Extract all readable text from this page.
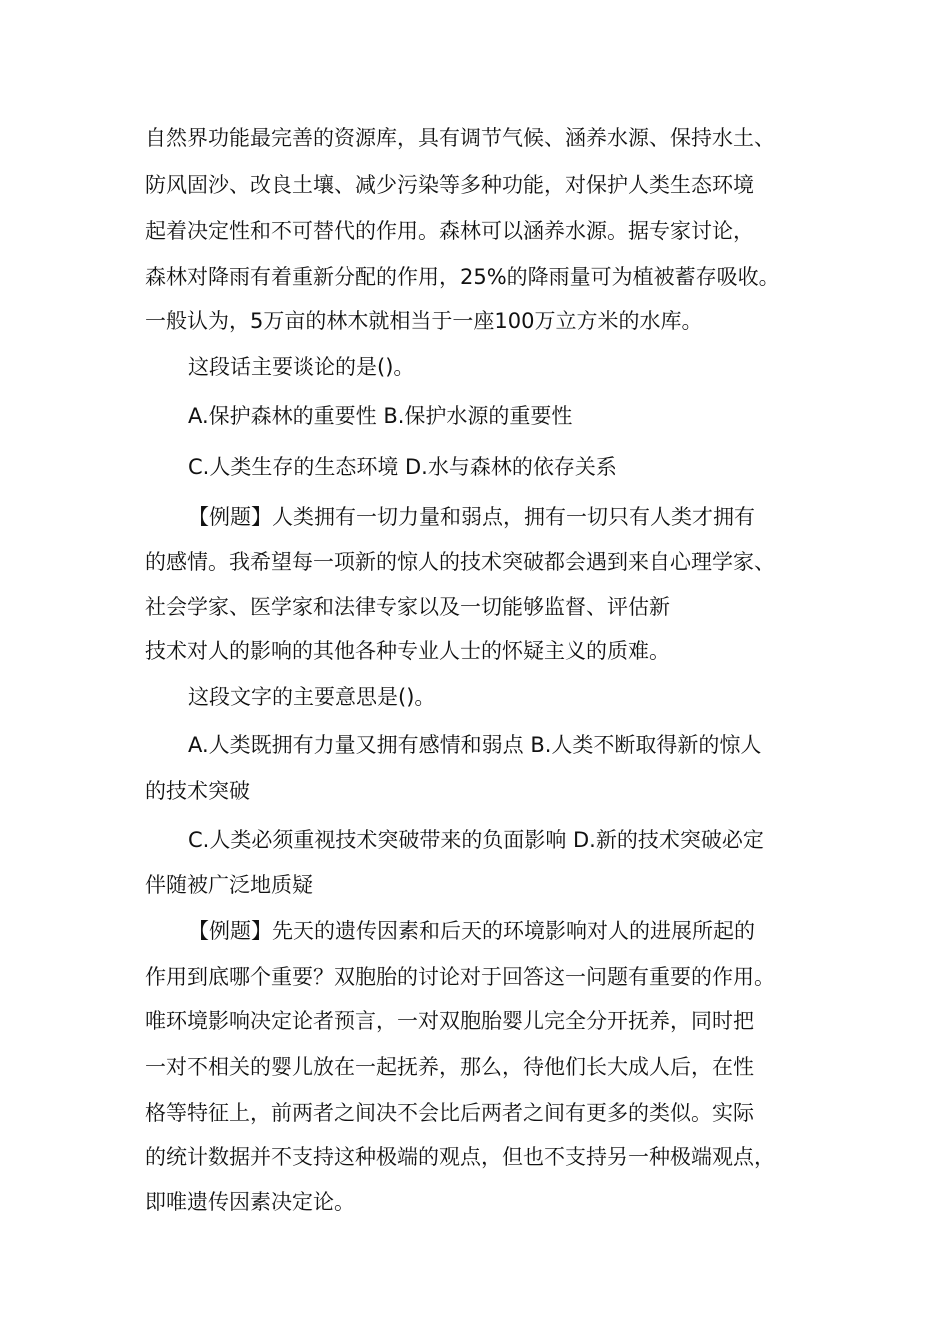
自然界功能最完善的资源库，具有调节气候、涵养水源、保持水土、
防风固沙、改良土壤、减少污染等多种功能，对保护人类生态环境
起着决定性和不可替代的作用。森林可以涵养水源。据专家讨论，
森林对降雨有着重新分配的作用，25%的降雨量可为植被蓄存吸收。
一般认为，5万亩的林木就相当于一座100万立方米的水库。
这段话主要谈论的是()。
A.保护森林的重要性 B.保护水源的重要性
C.人类生存的生态环境 D.水与森林的依存关系
【例题】人类拥有一切力量和弱点，拥有一切只有人类才拥有
的感情。我希望每一项新的惊人的技术突破都会遇到来自心理学家、
社会学家、医学家和法律专家以及一切能够监督、评估新
技术对人的影响的其他各种专业人士的怀疑主义的质难。
这段文字的主要意思是()。
A.人类既拥有力量又拥有感情和弱点 B.人类不断取得新的惊人
的技术突破
C.人类必须重视技术突破带来的负面影响 D.新的技术突破必定
伴随被广泛地质疑
【例题】先天的遗传因素和后天的环境影响对人的进展所起的
作用到底哪个重要？双胞胎的讨论对于回答这一问题有重要的作用。
唯环境影响决定论者预言，一对双胞胎婴儿完全分开抚养，同时把
一对不相关的婴儿放在一起抚养，那么，待他们长大成人后，在性
格等特征上，前两者之间决不会比后两者之间有更多的类似。实际
的统计数据并不支持这种极端的观点，但也不支持另一种极端观点，
即唯遗传因素决定论。
